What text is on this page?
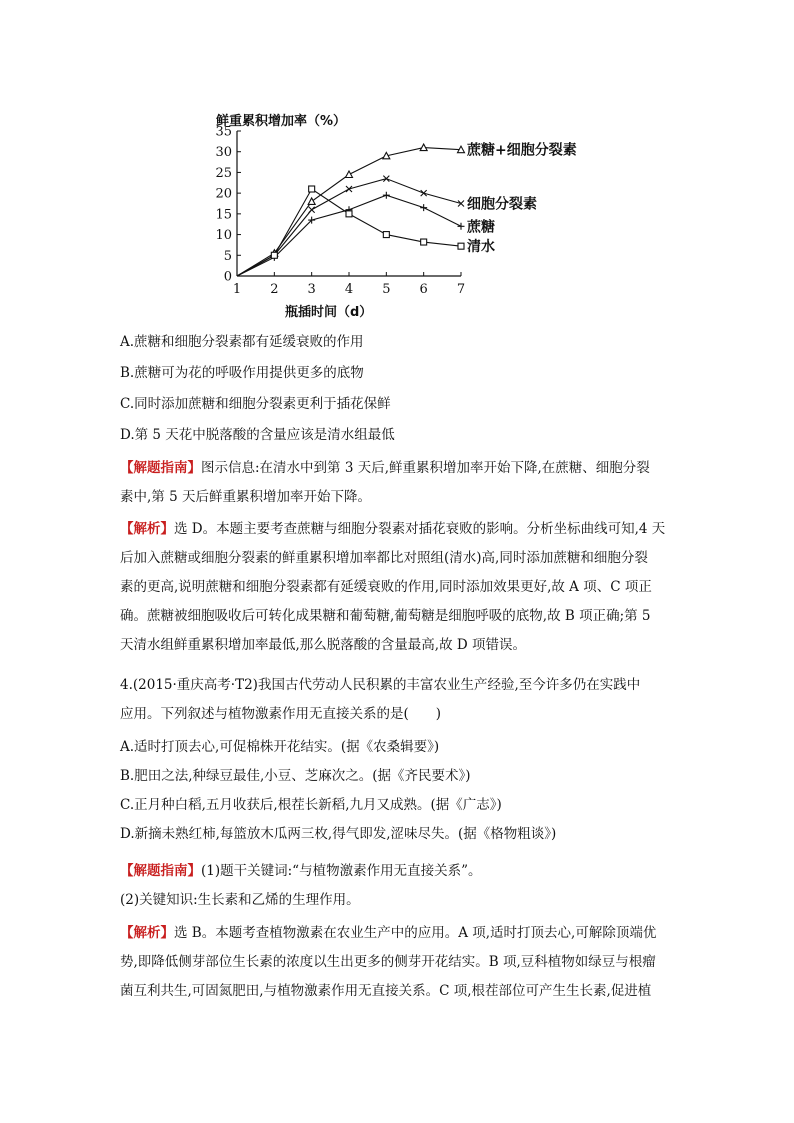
鲜重累积增加率（%）
0
5
10
15
20
25
30
35
1 2 3 4 5 6 7
蔗糖+细胞分裂素
细胞分裂素
蔗糖
清水
瓶插时间（d）
A.蔗糖和细胞分裂素都有延缓衰败的作用
B.蔗糖可为花的呼吸作用提供更多的底物
C.同时添加蔗糖和细胞分裂素更利于插花保鲜
D.第 5 天花中脱落酸的含量应该是清水组最低
【解题指南】图示信息:在清水中到第 3 天后,鲜重累积增加率开始下降,在蔗糖、细胞分裂
素中,第 5 天后鲜重累积增加率开始下降。
【解析】选 D。本题主要考查蔗糖与细胞分裂素对插花衰败的影响。分析坐标曲线可知,4 天
后加入蔗糖或细胞分裂素的鲜重累积增加率都比对照组(清水)高,同时添加蔗糖和细胞分裂
素的更高,说明蔗糖和细胞分裂素都有延缓衰败的作用,同时添加效果更好,故 A 项、C 项正
确。蔗糖被细胞吸收后可转化成果糖和葡萄糖,葡萄糖是细胞呼吸的底物,故 B 项正确;第 5
天清水组鲜重累积增加率最低,那么脱落酸的含量最高,故 D 项错误。
4.(2015·重庆高考·T2)我国古代劳动人民积累的丰富农业生产经验,至今许多仍在实践中
应用。下列叙述与植物激素作用无直接关系的是(　　)
A.适时打顶去心,可促棉株开花结实。(据《农桑辑要》)
B.肥田之法,种绿豆最佳,小豆、芝麻次之。(据《齐民要术》)
C.正月种白稻,五月收获后,根茬长新稻,九月又成熟。(据《广志》)
D.新摘未熟红柿,每篮放木瓜两三枚,得气即发,涩味尽失。(据《格物粗谈》)
【解题指南】(1)题干关键词:“与植物激素作用无直接关系”。
(2)关键知识:生长素和乙烯的生理作用。
【解析】选 B。本题考查植物激素在农业生产中的应用。A 项,适时打顶去心,可解除顶端优
势,即降低侧芽部位生长素的浓度以生出更多的侧芽开花结实。B 项,豆科植物如绿豆与根瘤
菌互利共生,可固氮肥田,与植物激素作用无直接关系。C 项,根茬部位可产生生长素,促进植
